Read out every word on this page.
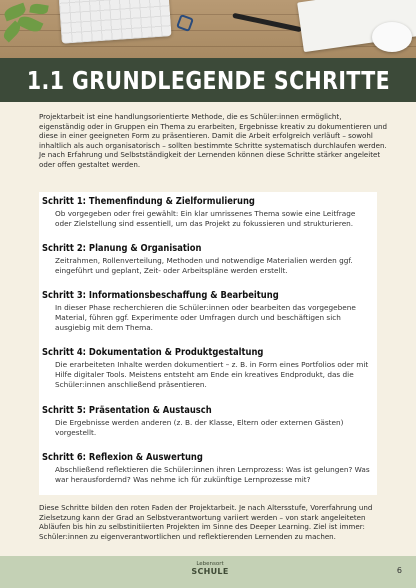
1.1 GRUNDLEGENDE SCHRITTE

Projektarbeit ist eine handlungsorientierte Methode, die es Schüler:innen ermöglicht, eigenständig oder in Gruppen ein Thema zu erarbeiten, Ergebnisse kreativ zu dokumentieren und diese in einer geeigneten Form zu präsentieren. Damit die Arbeit erfolgreich verläuft – sowohl inhaltlich als auch organisatorisch – sollten bestimmte Schritte systematisch durchlaufen werden. Je nach Erfahrung und Selbstständigkeit der Lernenden können diese Schritte stärker angeleitet oder offen gestaltet werden.

Schritt 1: Themenfindung & Zielformulierung
Ob vorgegeben oder frei gewählt: Ein klar umrissenes Thema sowie eine Leitfrage oder Zielstellung sind essentiell, um das Projekt zu fokussieren und strukturieren.
Schritt 2: Planung & Organisation
Zeitrahmen, Rollenverteilung, Methoden und notwendige Materialien werden ggf. eingeführt und geplant, Zeit- oder Arbeitspläne werden erstellt.
Schritt 3: Informationsbeschaffung & Bearbeitung
In dieser Phase recherchieren die Schüler:innen oder bearbeiten das vorgegebene Material, führen ggf. Experimente oder Umfragen durch und beschäftigen sich ausgiebig mit dem Thema.
Schritt 4: Dokumentation & Produktgestaltung
Die erarbeiteten Inhalte werden dokumentiert – z. B. in Form eines Portfolios oder mit Hilfe digitaler Tools. Meistens entsteht am Ende ein kreatives Endprodukt, das die Schüler:innen anschließend präsentieren.
Schritt 5: Präsentation & Austausch
Die Ergebnisse werden anderen (z. B. der Klasse, Eltern oder externen Gästen) vorgestellt.
Schritt 6: Reflexion & Auswertung
Abschließend reflektieren die Schüler:innen ihren Lernprozess: Was ist gelungen? Was war herausfordernd? Was nehme ich für zukünftige Lernprozesse mit?

Diese Schritte bilden den roten Faden der Projektarbeit. Je nach Altersstufe, Vorerfahrung und Zielsetzung kann der Grad an Selbstverantwortung variiert werden – von stark angeleiteten Abläufen bis hin zu selbstinitiierten Projekten im Sinne des Deeper Learning. Ziel ist immer: Schüler:innen zu eigenverantwortlichen und reflektierenden Lernenden zu machen.

Lebensort
SCHULE	6
